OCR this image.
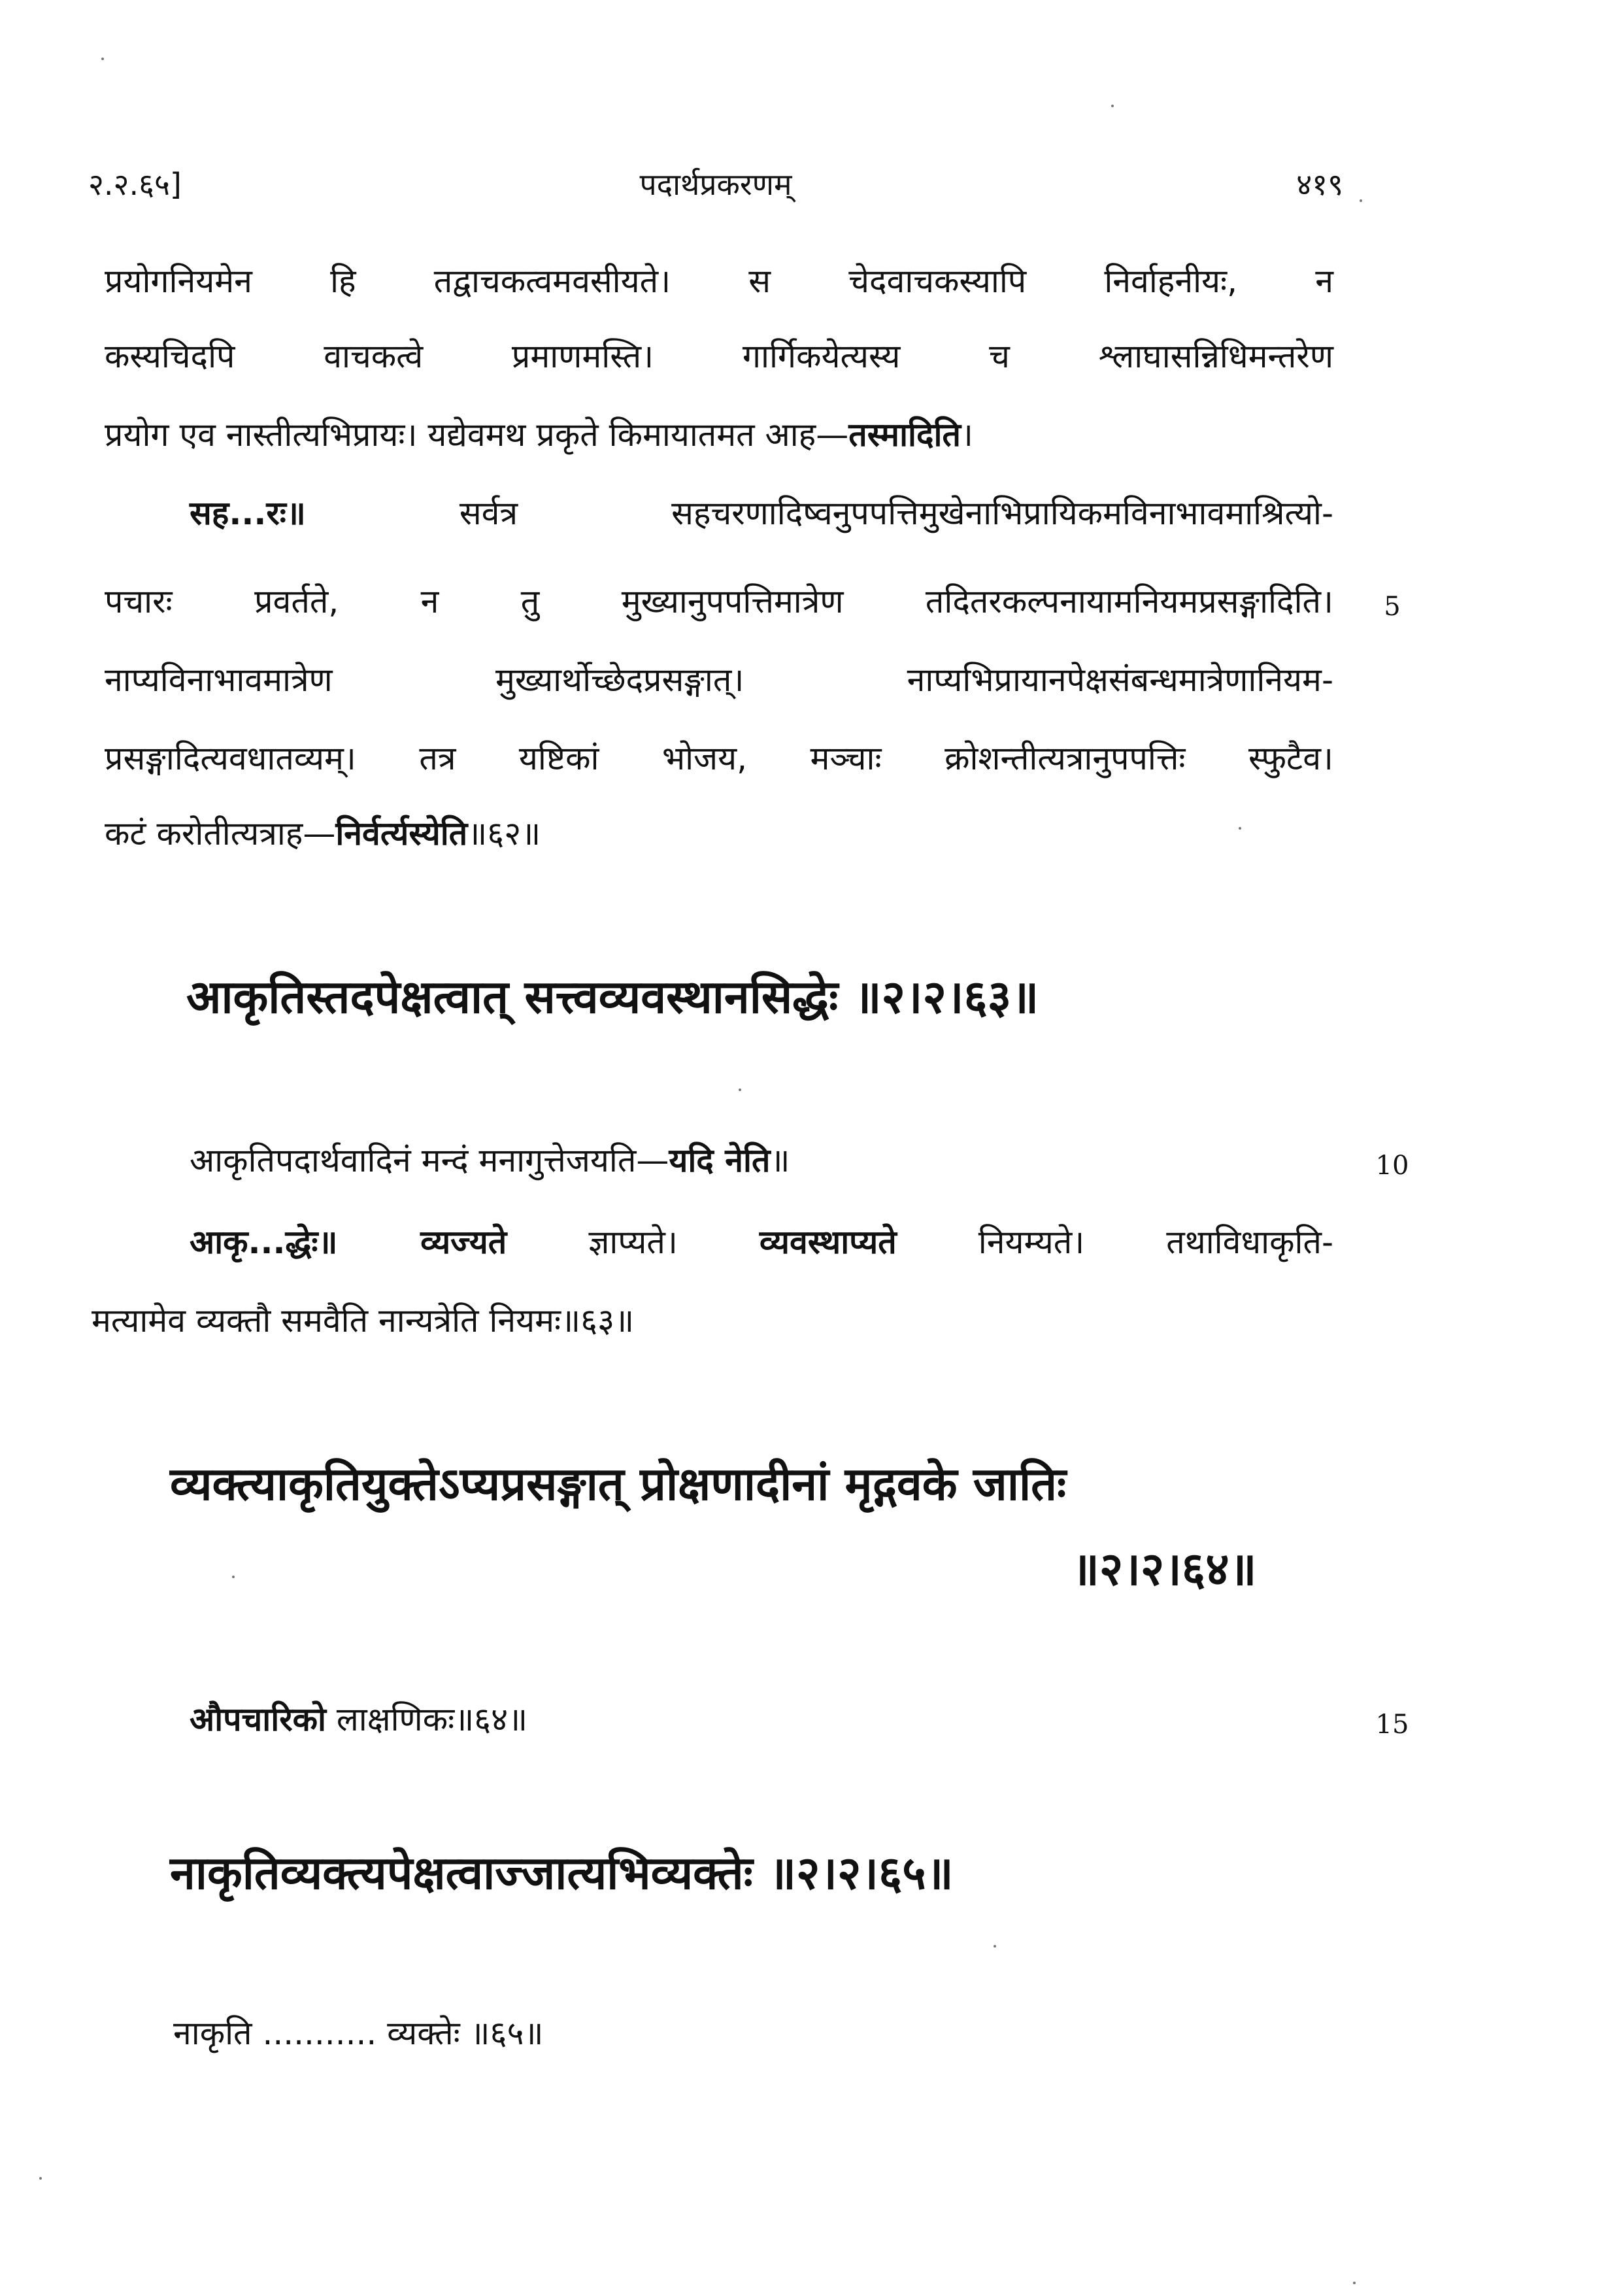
२.२.६५]	पदार्थप्रकरणम्	४१९
प्रयोगनियमेन हि तद्वाचकत्वमवसीयते। स चेदवाचकस्यापि निर्वाहनीयः, न
कस्यचिदपि वाचकत्वे प्रमाणमस्ति। गार्गिकयेत्यस्य च श्लाघासन्निधिमन्तरेण
प्रयोग एव नास्तीत्यभिप्रायः। यद्येवमथ प्रकृते किमायातमत आह—तस्मादिति।
सह...रः॥ सर्वत्र सहचरणादिष्वनुपपत्तिमुखेनाभिप्रायिकमविनाभावमाश्रित्यो-
पचारः प्रवर्तते, न तु मुख्यानुपपत्तिमात्रेण तदितरकल्पनायामनियमप्रसङ्गादिति।
नाप्यविनाभावमात्रेण मुख्यार्थोच्छेदप्रसङ्गात्। नाप्यभिप्रायानपेक्षसंबन्धमात्रेणानियम-
प्रसङ्गादित्यवधातव्यम्। तत्र यष्टिकां भोजय, मञ्चाः क्रोशन्तीत्यत्रानुपपत्तिः स्फुटैव।
कटं करोतीत्यत्राह—निर्वर्त्यस्येति॥६२॥
5
आकृतिस्तदपेक्षत्वात् सत्त्वव्यवस्थानसिद्धेः ॥२।२।६३॥
आकृतिपदार्थवादिनं मन्दं मनागुत्तेजयति—यदि नेति॥
आकृ...द्धेः॥ व्यज्यते ज्ञाप्यते। व्यवस्थाप्यते नियम्यते। तथाविधाकृति-
मत्यामेव व्यक्तौ समवैति नान्यत्रेति नियमः॥६३॥
10
व्यक्त्याकृतियुक्तेऽप्यप्रसङ्गात् प्रोक्षणादीनां मृद्गवके जातिः
॥२।२।६४॥
औपचारिको लाक्षणिकः॥६४॥	15
नाकृतिव्यक्त्यपेक्षत्वाज्जात्यभिव्यक्तेः ॥२।२।६५॥
नाकृति ........... व्यक्तेः ॥६५॥
